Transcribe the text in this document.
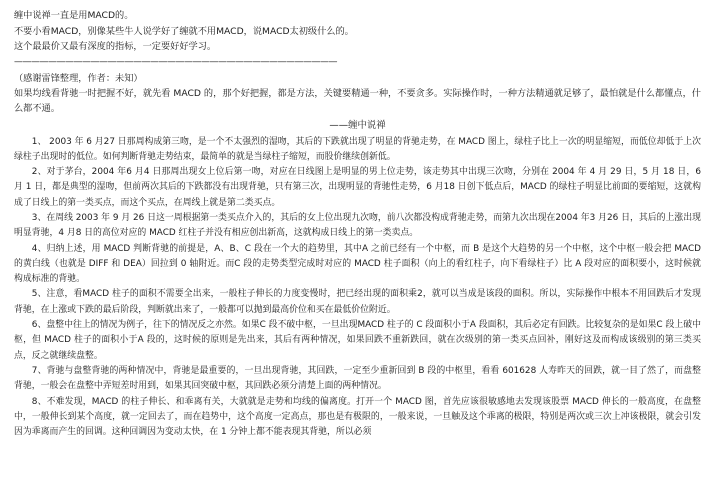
缠中说禅一直是用MACD的。

不要小看MACD，别像某些牛人说学好了缠就不用MACD，说MACD太初级什么的。

这个最最价又最有深度的指标，一定要好好学习。

——————————————————————————————————————
（感谢雷锋整理，作者：未知）
如果均线看背驰一时把握不好，就先看 MACD 的，那个好把握，都是方法，关键要精通一种，不要贪多。实际操作时，一种方法精通就足够了，最怕就是什么都懂点，什么都不通。
——缠中说禅

1、 2003 年 6 月27 日那周构成第三吻，是一个不太强烈的湿吻，其后的下跌就出现了明显的背驰走势，在 MACD 图上，绿柱子比上一次的明显缩短，而低位却低于上次绿柱子出现时的低位。如何判断背驰走势结束，最简单的就是当绿柱子缩短，而股价继续创新低。

2、对于茅台，2004 年6 月4 日那周出现女上位后第一吻，对应在日线图上是明显的男上位走势，该走势其中出现三次吻，分别在 2004 年 4 月 29 日，5 月 18 日，6 月 1 日，都是典型的湿吻，但前两次其后的下跌都没有出现背驰，只有第三次，出现明显的背驰性走势，6 月18 日创下低点后，MACD 的绿柱子明显比前面的要缩短，这就构成了日线上的第一类买点，而这个买点，在周线上就是第二类买点。

3、在周线 2003 年 9 月 26 日这一周根据第一类买点介入的，其后的女上位出现九次吻，前八次都没构成背驰走势，而第九次出现在2004 年3 月26 日，其后的上涨出现明显背驰，4 月8 日的高位对应的 MACD 红柱子并没有相应创出新高，这就构成日线上的第一类卖点。

4、归纳上述，用 MACD 判断背驰的前提是，A、B、C 段在一个大的趋势里，其中A 之前已经有一个中枢，而 B 是这个大趋势的另一个中枢，这个中枢一般会把 MACD 的黄白线（也就是 DIFF 和 DEA）回拉到 0 轴附近。而C 段的走势类型完成时对应的 MACD 柱子面积（向上的看红柱子，向下看绿柱子）比 A 段对应的面积要小，这时候就构成标准的背驰。

5、注意，看MACD 柱子的面积不需要全出来，一般柱子伸长的力度变慢时，把已经出现的面积乘2，就可以当成是该段的面积。所以，实际操作中根本不用回跌后才发现背驰，在上涨或下跌的最后阶段，判断就出来了，一般都可以抛到最高价位和买在最低价位附近。

6、盘整中往上的情况为例子，往下的情况反之亦然。如果C 段不破中枢，一旦出现MACD 柱子的 C 段面积小于A 段面积，其后必定有回跌。比较复杂的是如果C 段上破中枢，但 MACD 柱子的面积小于A 段的，这时候的原则是先出来，其后有两种情况，如果回跌不重新跌回，就在次级别的第一类买点回补，刚好这及而构成该级别的第三类买点，反之就继续盘整。

7、背驰与盘整背驰的两种情况中，背驰是最重要的，一旦出现背驰，其回跌，一定至少重新回到 B 段的中枢里，看看 601628 人寿昨天的回跌，就一目了然了，而盘整背驰，一般会在盘整中弄短差时用到，如果其回突破中枢，其回跌必须分清楚上面的两种情况。

8、不难发现，MACD 的柱子伸长、和乖离有关，大就就是走势和均线的偏离度。打开一个 MACD 图，首先应该很敏感地去发现该股票 MACD 伸长的一般高度，在盘整中，一般伸长到某个高度，就一定回去了，而在趋势中，这个高度一定高点，那也是有极限的，一般来说，一旦触及这个乖离的极限，特别是两次或三次上冲该极限，就会引发因为乖离而产生的回调。这种回调因为变动太快，在 1 分钟上都不能表现其背驰，所以必须
